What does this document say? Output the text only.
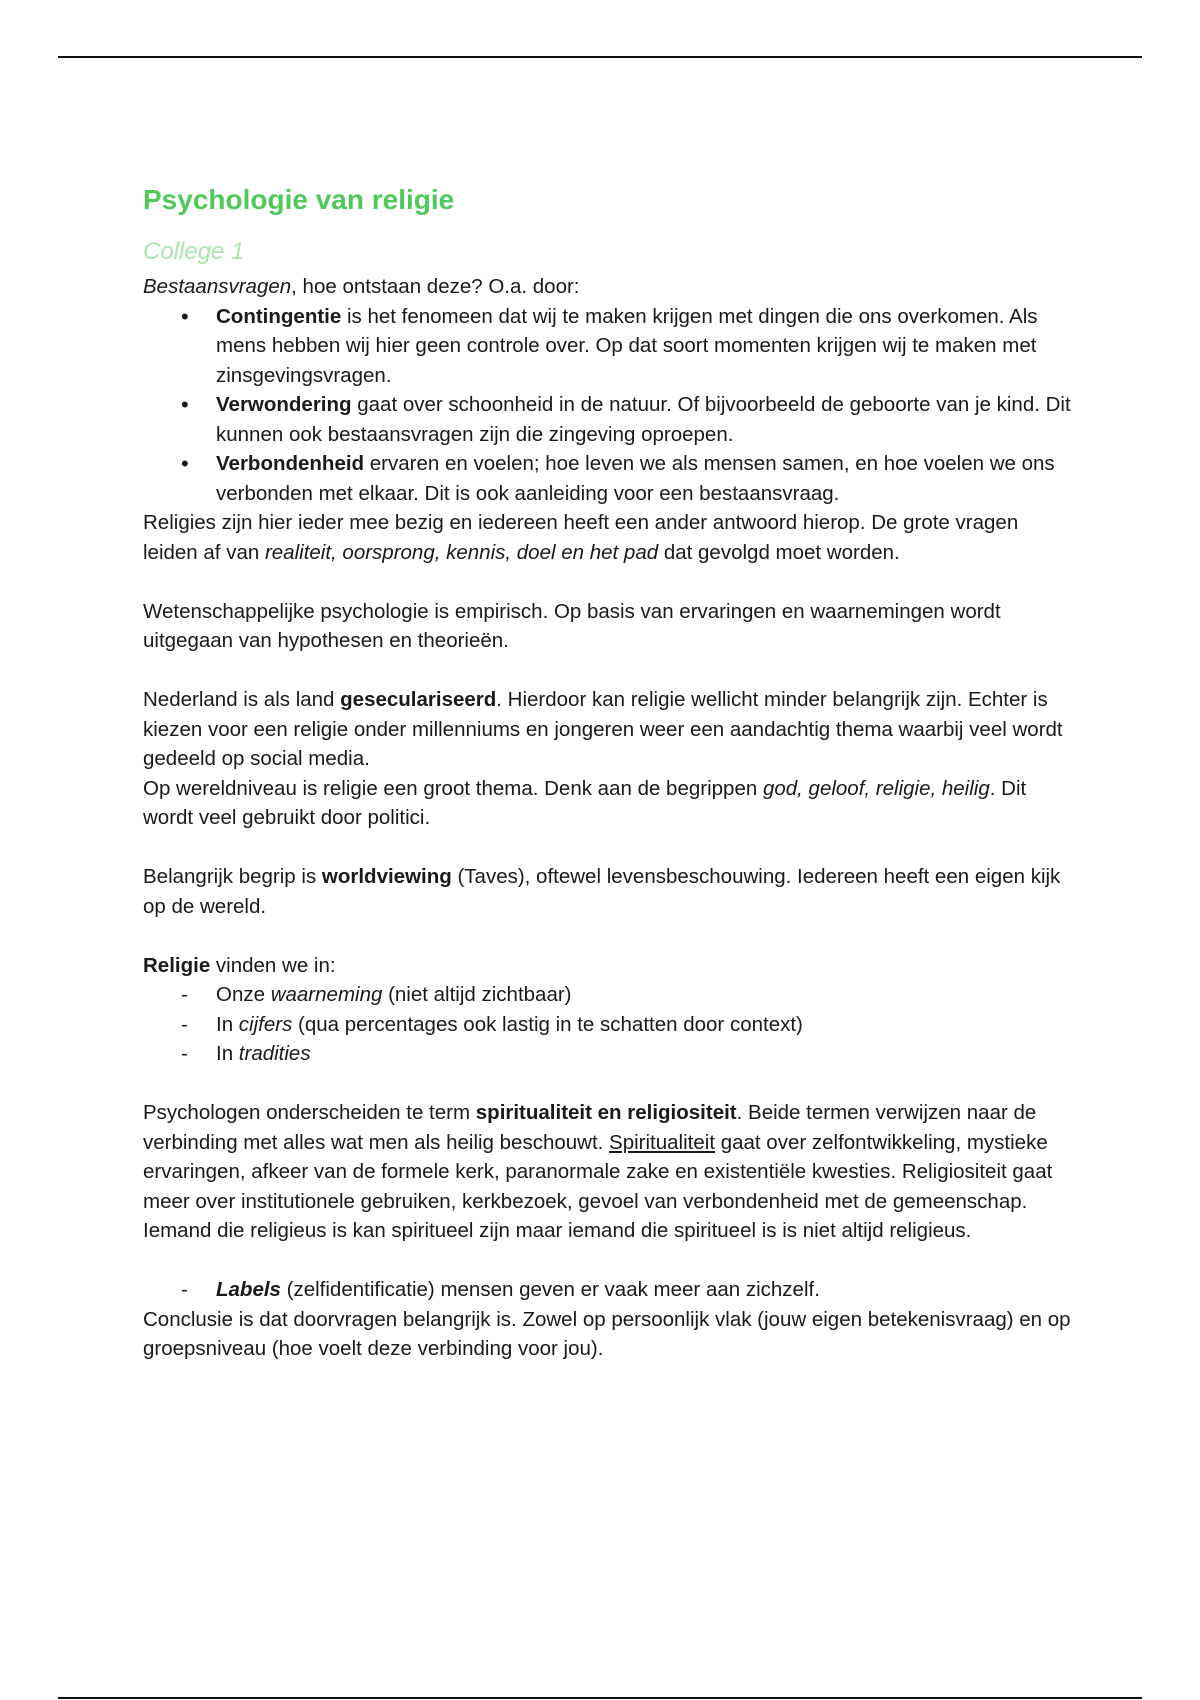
Psychologie van religie
College 1

Bestaansvragen, hoe ontstaan deze? O.a. door:

• Contingentie is het fenomeen dat wij te maken krijgen met dingen die ons overkomen. Als mens hebben wij hier geen controle over. Op dat soort momenten krijgen wij te maken met zinsgevingsvragen.
• Verwondering gaat over schoonheid in de natuur. Of bijvoorbeeld de geboorte van je kind. Dit kunnen ook bestaansvragen zijn die zingeving oproepen.
• Verbondenheid ervaren en voelen; hoe leven we als mensen samen, en hoe voelen we ons verbonden met elkaar. Dit is ook aanleiding voor een bestaansvraag.

Religies zijn hier ieder mee bezig en iedereen heeft een ander antwoord hierop. De grote vragen leiden af van realiteit, oorsprong, kennis, doel en het pad dat gevolgd moet worden.

Wetenschappelijke psychologie is empirisch. Op basis van ervaringen en waarnemingen wordt uitgegaan van hypothesen en theorieën.

Nederland is als land geseculariseerd. Hierdoor kan religie wellicht minder belangrijk zijn. Echter is kiezen voor een religie onder millenniums en jongeren weer een aandachtig thema waarbij veel wordt gedeeld op social media.

Op wereldniveau is religie een groot thema. Denk aan de begrippen god, geloof, religie, heilig. Dit wordt veel gebruikt door politici.

Belangrijk begrip is worldviewing (Taves), oftewel levensbeschouwing. Iedereen heeft een eigen kijk op de wereld.

Religie vinden we in:

- Onze waarneming (niet altijd zichtbaar)
- In cijfers (qua percentages ook lastig in te schatten door context)
- In tradities

Psychologen onderscheiden te term spiritualiteit en religiositeit. Beide termen verwijzen naar de verbinding met alles wat men als heilig beschouwt. Spiritualiteit gaat over zelfontwikkeling, mystieke ervaringen, afkeer van de formele kerk, paranormale zake en existentiële kwesties. Religiositeit gaat meer over institutionele gebruiken, kerkbezoek, gevoel van verbondenheid met de gemeenschap.

Iemand die religieus is kan spiritueel zijn maar iemand die spiritueel is is niet altijd religieus.

- Labels (zelfidentificatie) mensen geven er vaak meer aan zichzelf.

Conclusie is dat doorvragen belangrijk is. Zowel op persoonlijk vlak (jouw eigen betekenisvraag) en op groepsniveau (hoe voelt deze verbinding voor jou).
